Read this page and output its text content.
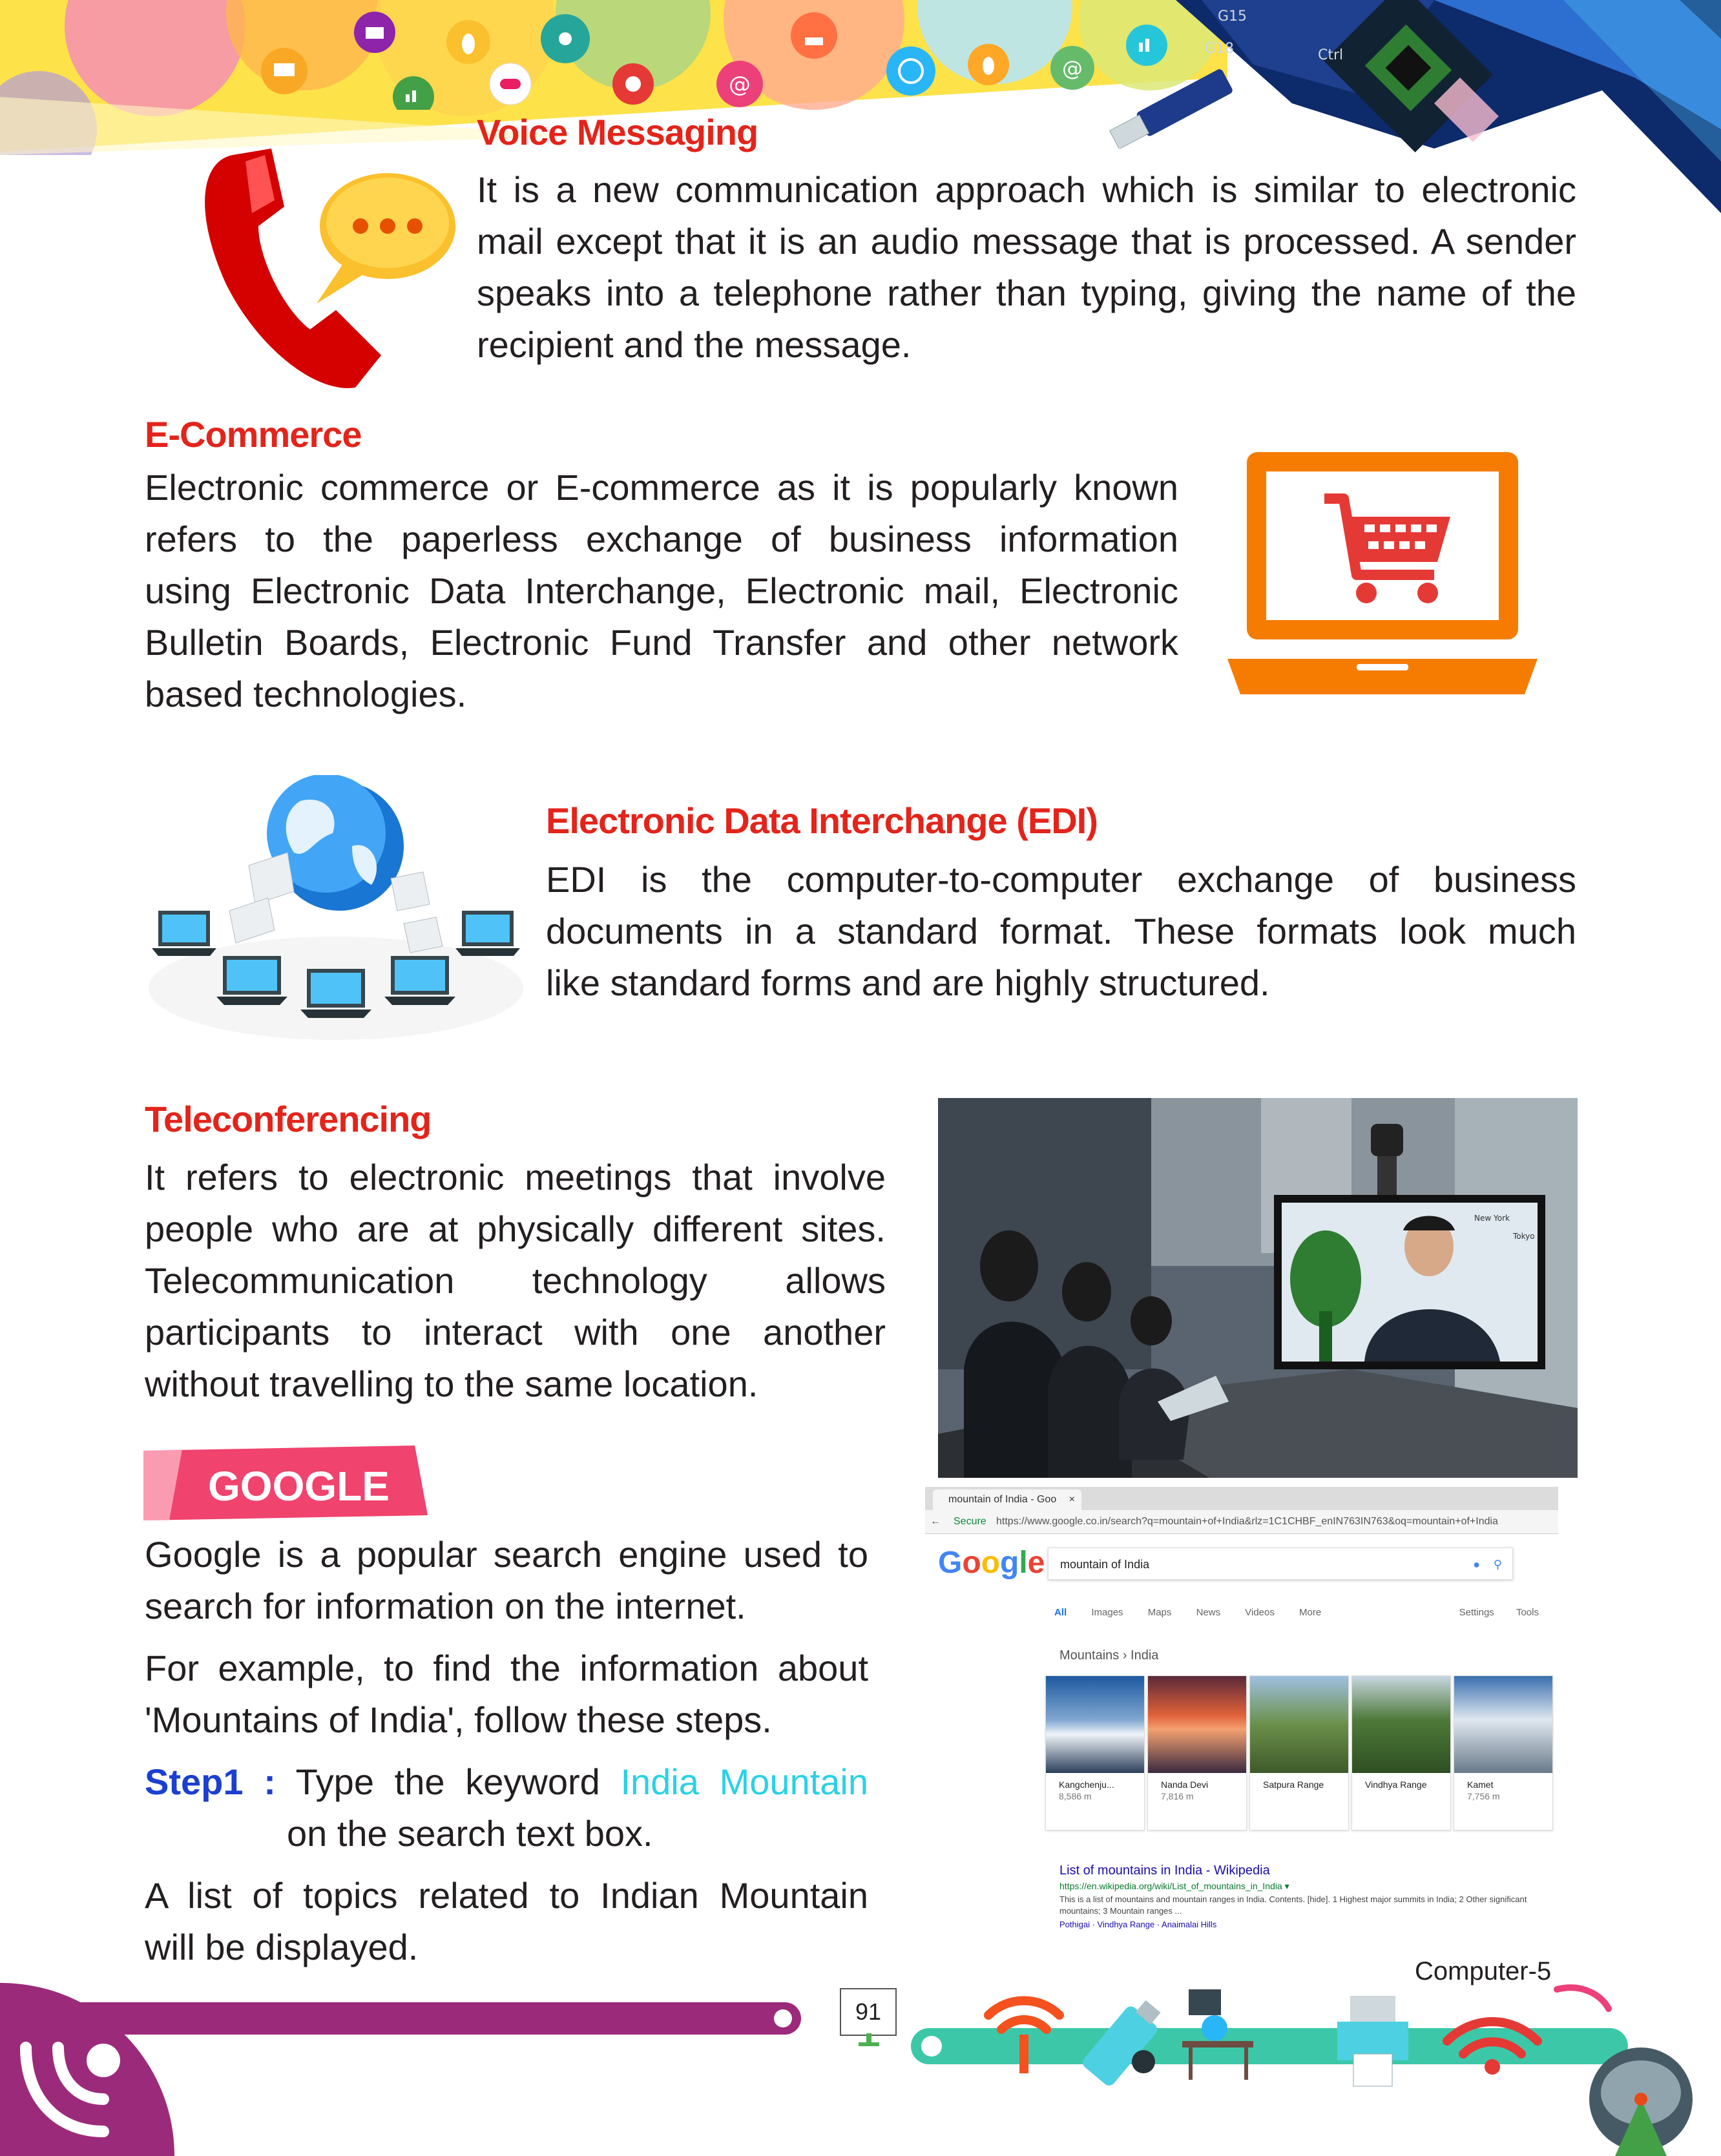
@
@
G15
G18	Ctrl
Voice Messaging

It is a new communication approach which is similar to electronic

mail except that it is an audio message that is processed. A sender

speaks into a telephone rather than typing, giving the name of the

recipient and the message.

E-Commerce

Electronic commerce or E-commerce as it is popularly known

refers to the paperless exchange of business information

using Electronic Data Interchange, Electronic mail, Electronic

Bulletin Boards, Electronic Fund Transfer and other network

based technologies.

Electronic Data Interchange (EDI)

EDI is the computer-to-computer exchange of business

documents in a standard format. These formats look much

like standard forms and are highly structured.

Teleconferencing

It refers to electronic meetings that involve

people who are at physically different sites.

Telecommunication technology allows

participants to interact with one another

without travelling to the same location.

New York
Tokyo
GOOGLE

Google is a popular search engine used to

search for information on the internet.

For example, to find the information about

'Mountains of India', follow these steps.

Step1 : Type the keyword India Mountain

on the search text box.

A list of topics related to Indian Mountain

will be displayed.

mountain of India - Goo ×
← Secure https://www.google.co.in/search?q=mountain+of+India&rlz=1C1CHBF_enIN763IN763&oq=mountain+of+India
Google	mountain of India	● ⚲
All	Images	Maps	News	Videos	More	Settings Tools
Mountains › India
Kangchenju...
8,586 m
Nanda Devi
7,816 m
Satpura Range	Vindhya Range	Kamet
7,756 m
List of mountains in India - Wikipedia
https://en.wikipedia.org/wiki/List_of_mountains_in_India ▾
This is a list of mountains and mountain ranges in India. Contents. [hide]. 1 Highest major summits in India; 2 Other significant mountains; 3 Mountain ranges ...
Pothigai · Vindhya Range · Anaimalai Hills
91
Computer-5
